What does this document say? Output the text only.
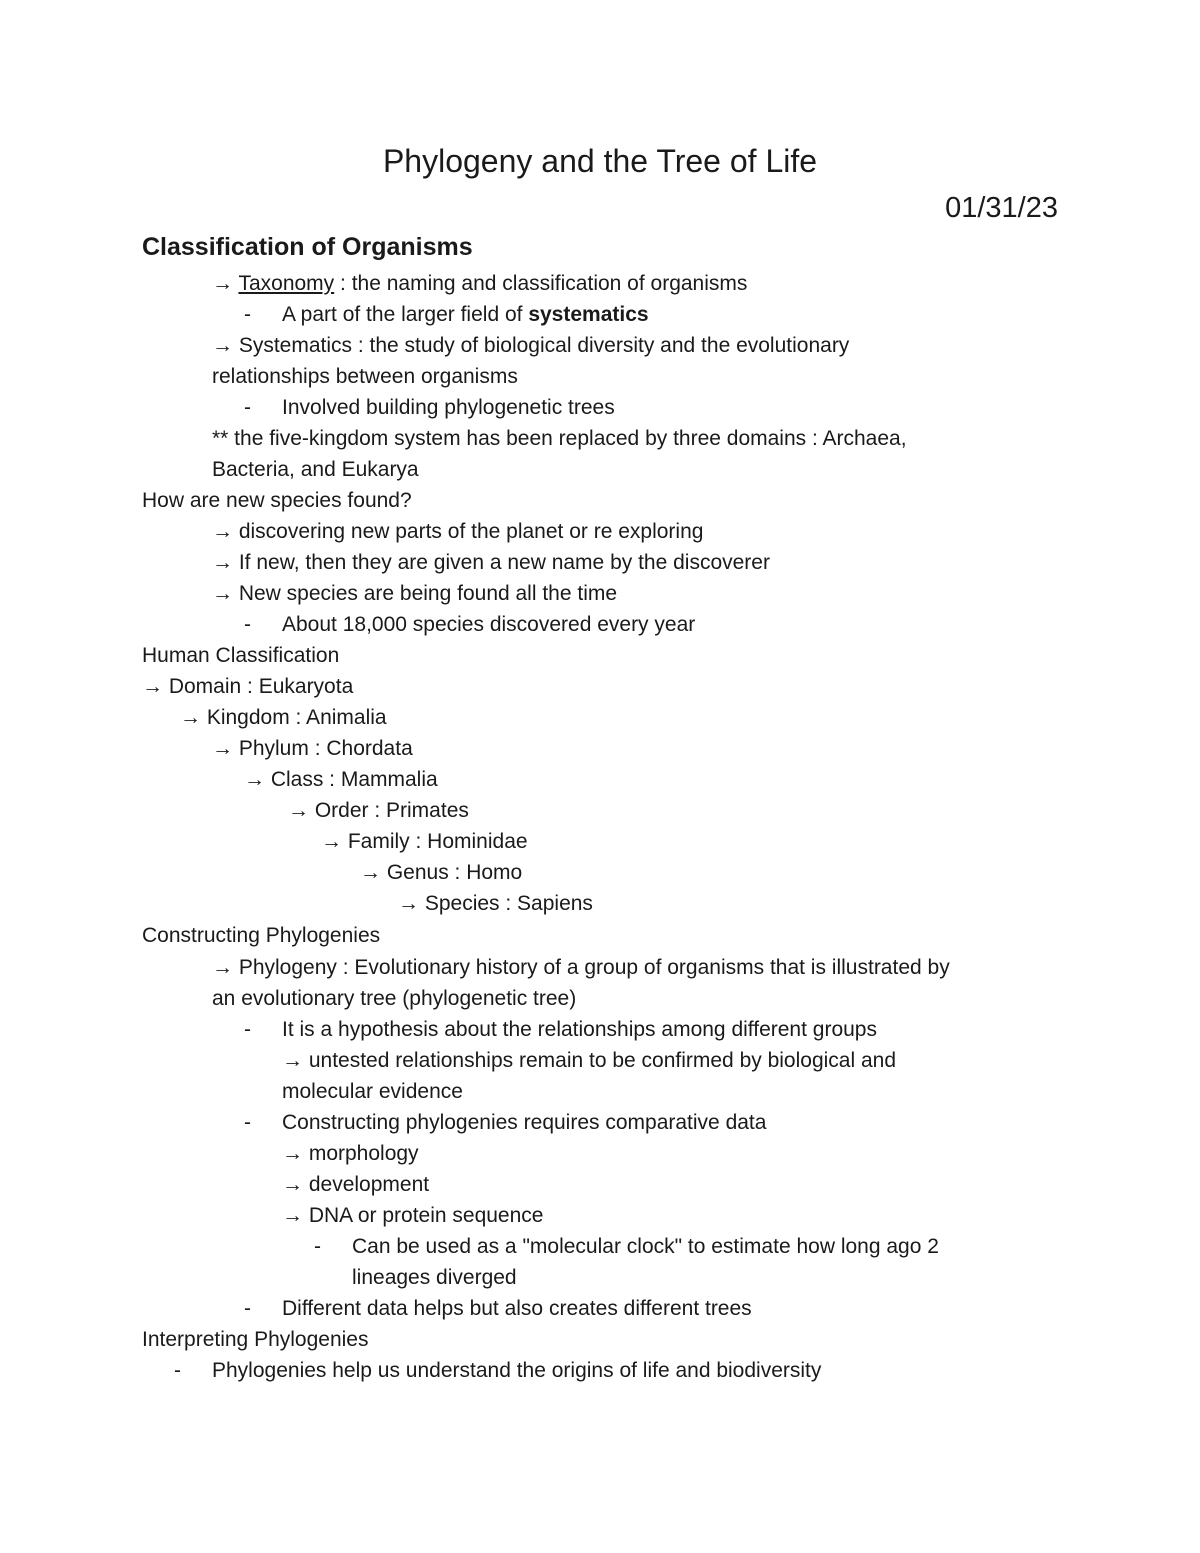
Phylogeny and the Tree of Life
01/31/23
Classification of Organisms
→ Taxonomy : the naming and classification of organisms
- A part of the larger field of systematics
→ Systematics : the study of biological diversity and the evolutionary
relationships between organisms
- Involved building phylogenetic trees
** the five-kingdom system has been replaced by three domains : Archaea,
Bacteria, and Eukarya
How are new species found?
→ discovering new parts of the planet or re exploring
→ If new, then they are given a new name by the discoverer
→ New species are being found all the time
- About 18,000 species discovered every year
Human Classification
→ Domain : Eukaryota
→ Kingdom : Animalia
→ Phylum : Chordata
→ Class : Mammalia
→ Order : Primates
→ Family : Hominidae
→ Genus : Homo
→ Species : Sapiens
Constructing Phylogenies
→ Phylogeny : Evolutionary history of a group of organisms that is illustrated by
an evolutionary tree (phylogenetic tree)
- It is a hypothesis about the relationships among different groups
→ untested relationships remain to be confirmed by biological and
molecular evidence
- Constructing phylogenies requires comparative data
→ morphology
→ development
→ DNA or protein sequence
- Can be used as a "molecular clock" to estimate how long ago 2
lineages diverged
- Different data helps but also creates different trees
Interpreting Phylogenies
- Phylogenies help us understand the origins of life and biodiversity
